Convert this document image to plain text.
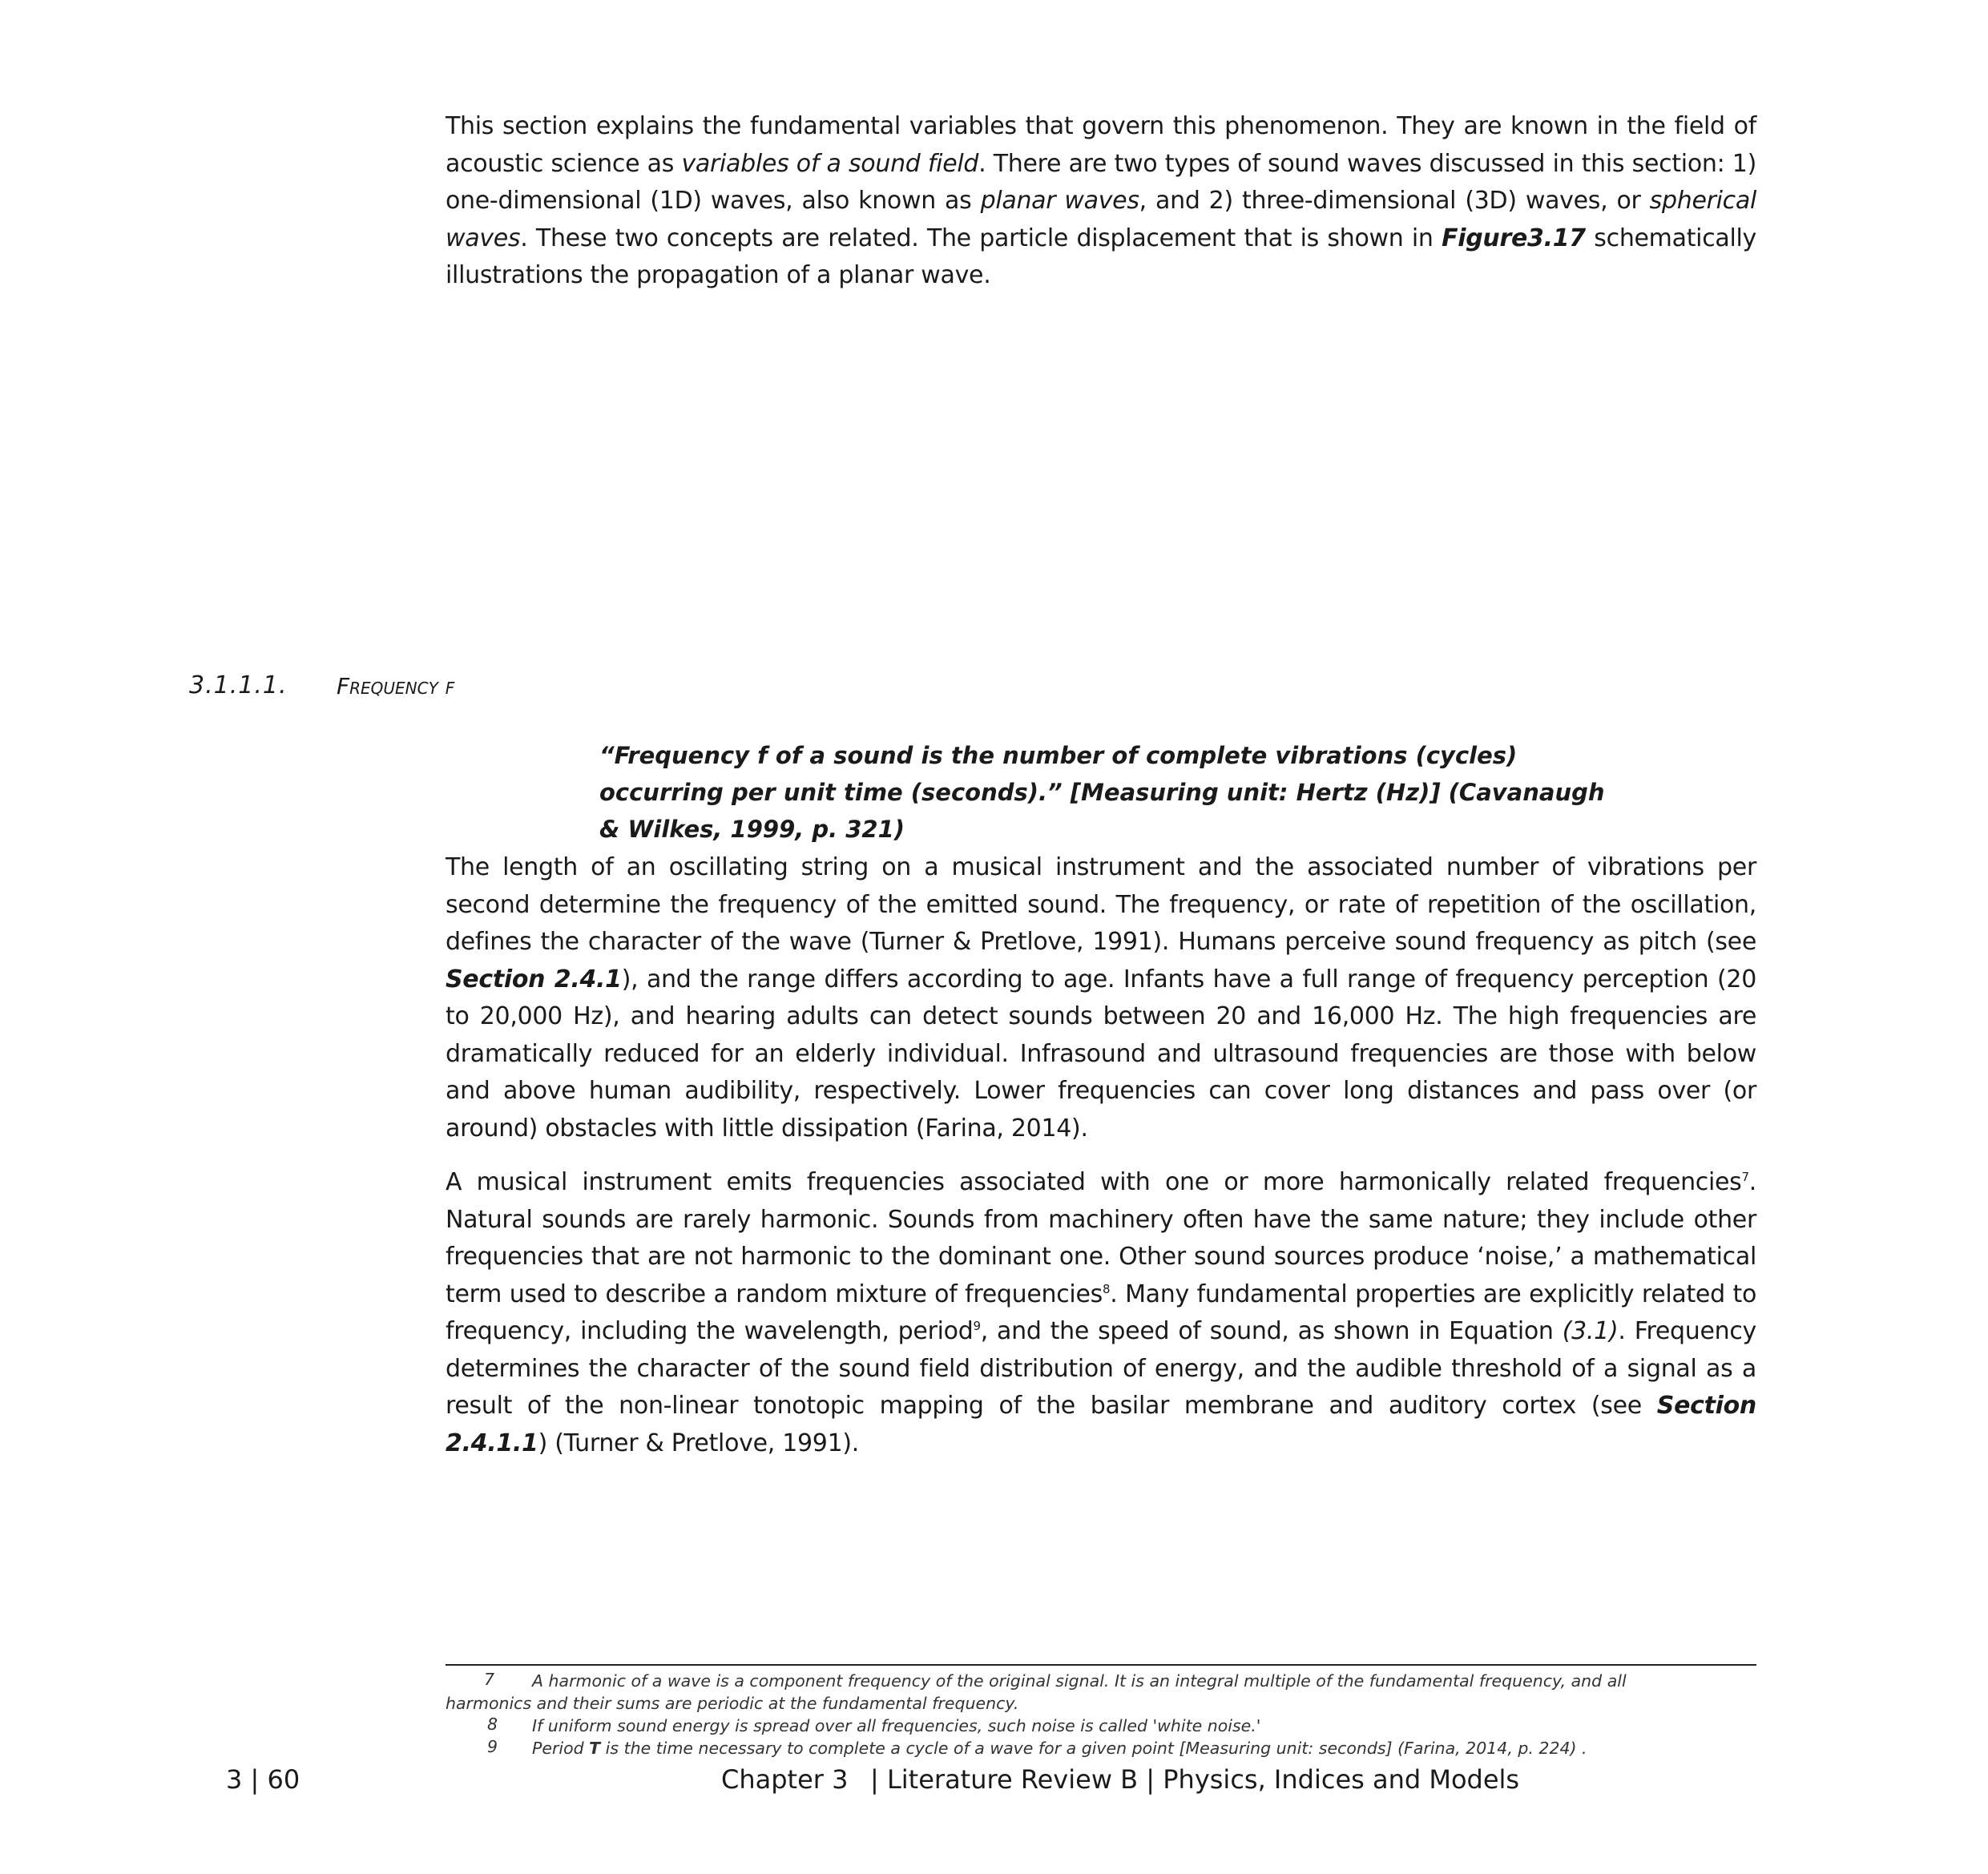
This section explains the fundamental variables that govern this phenomenon. They are known in the field of acoustic science as variables of a sound field. There are two types of sound waves discussed in this section: 1) one-dimensional (1D) waves, also known as planar waves, and 2) three-dimensional (3D) waves, or spherical waves. These two concepts are related. The particle displacement that is shown in Figure3.17 schematically illustrations the propagation of a planar wave.

3.1.1.1. Frequency f

“Frequency f of a sound is the number of complete vibrations (cycles) occurring per unit time (seconds).” [Measuring unit: Hertz (Hz)] (Cavanaugh & Wilkes, 1999, p. 321)

The length of an oscillating string on a musical instrument and the associated number of vibrations per second determine the frequency of the emitted sound. The frequency, or rate of repetition of the oscillation, defines the character of the wave (Turner & Pretlove, 1991). Humans perceive sound frequency as pitch (see Section 2.4.1), and the range differs according to age. Infants have a full range of frequency perception (20 to 20,000 Hz), and hearing adults can detect sounds between 20 and 16,000 Hz. The high frequencies are dramatically reduced for an elderly individual. Infrasound and ultrasound frequencies are those with below and above human audibility, respectively. Lower frequencies can cover long distances and pass over (or around) obstacles with little dissipation (Farina, 2014).

A musical instrument emits frequencies associated with one or more harmonically related frequencies$^7$. Natural sounds are rarely harmonic. Sounds from machinery often have the same nature; they include other frequencies that are not harmonic to the dominant one. Other sound sources produce ‘noise,’ a mathematical term used to describe a random mixture of frequencies$^8$. Many fundamental properties are explicitly related to frequency, including the wavelength, period$^9$, and the speed of sound, as shown in Equation (3.1). Frequency determines the character of the sound field distribution of energy, and the audible threshold of a signal as a result of the non-linear tonotopic mapping of the basilar membrane and auditory cortex (see Section 2.4.1.1) (Turner & Pretlove, 1991).

7 A harmonic of a wave is a component frequency of the original signal. It is an integral multiple of the fundamental frequency, and all
harmonics and their sums are periodic at the fundamental frequency.
8 If uniform sound energy is spread over all frequencies, such noise is called 'white noise.'
9 Period T is the time necessary to complete a cycle of a wave for a given point [Measuring unit: seconds] (Farina, 2014, p. 224) .
3 | 60	Chapter 3 | Literature Review B | Physics, Indices and Models
